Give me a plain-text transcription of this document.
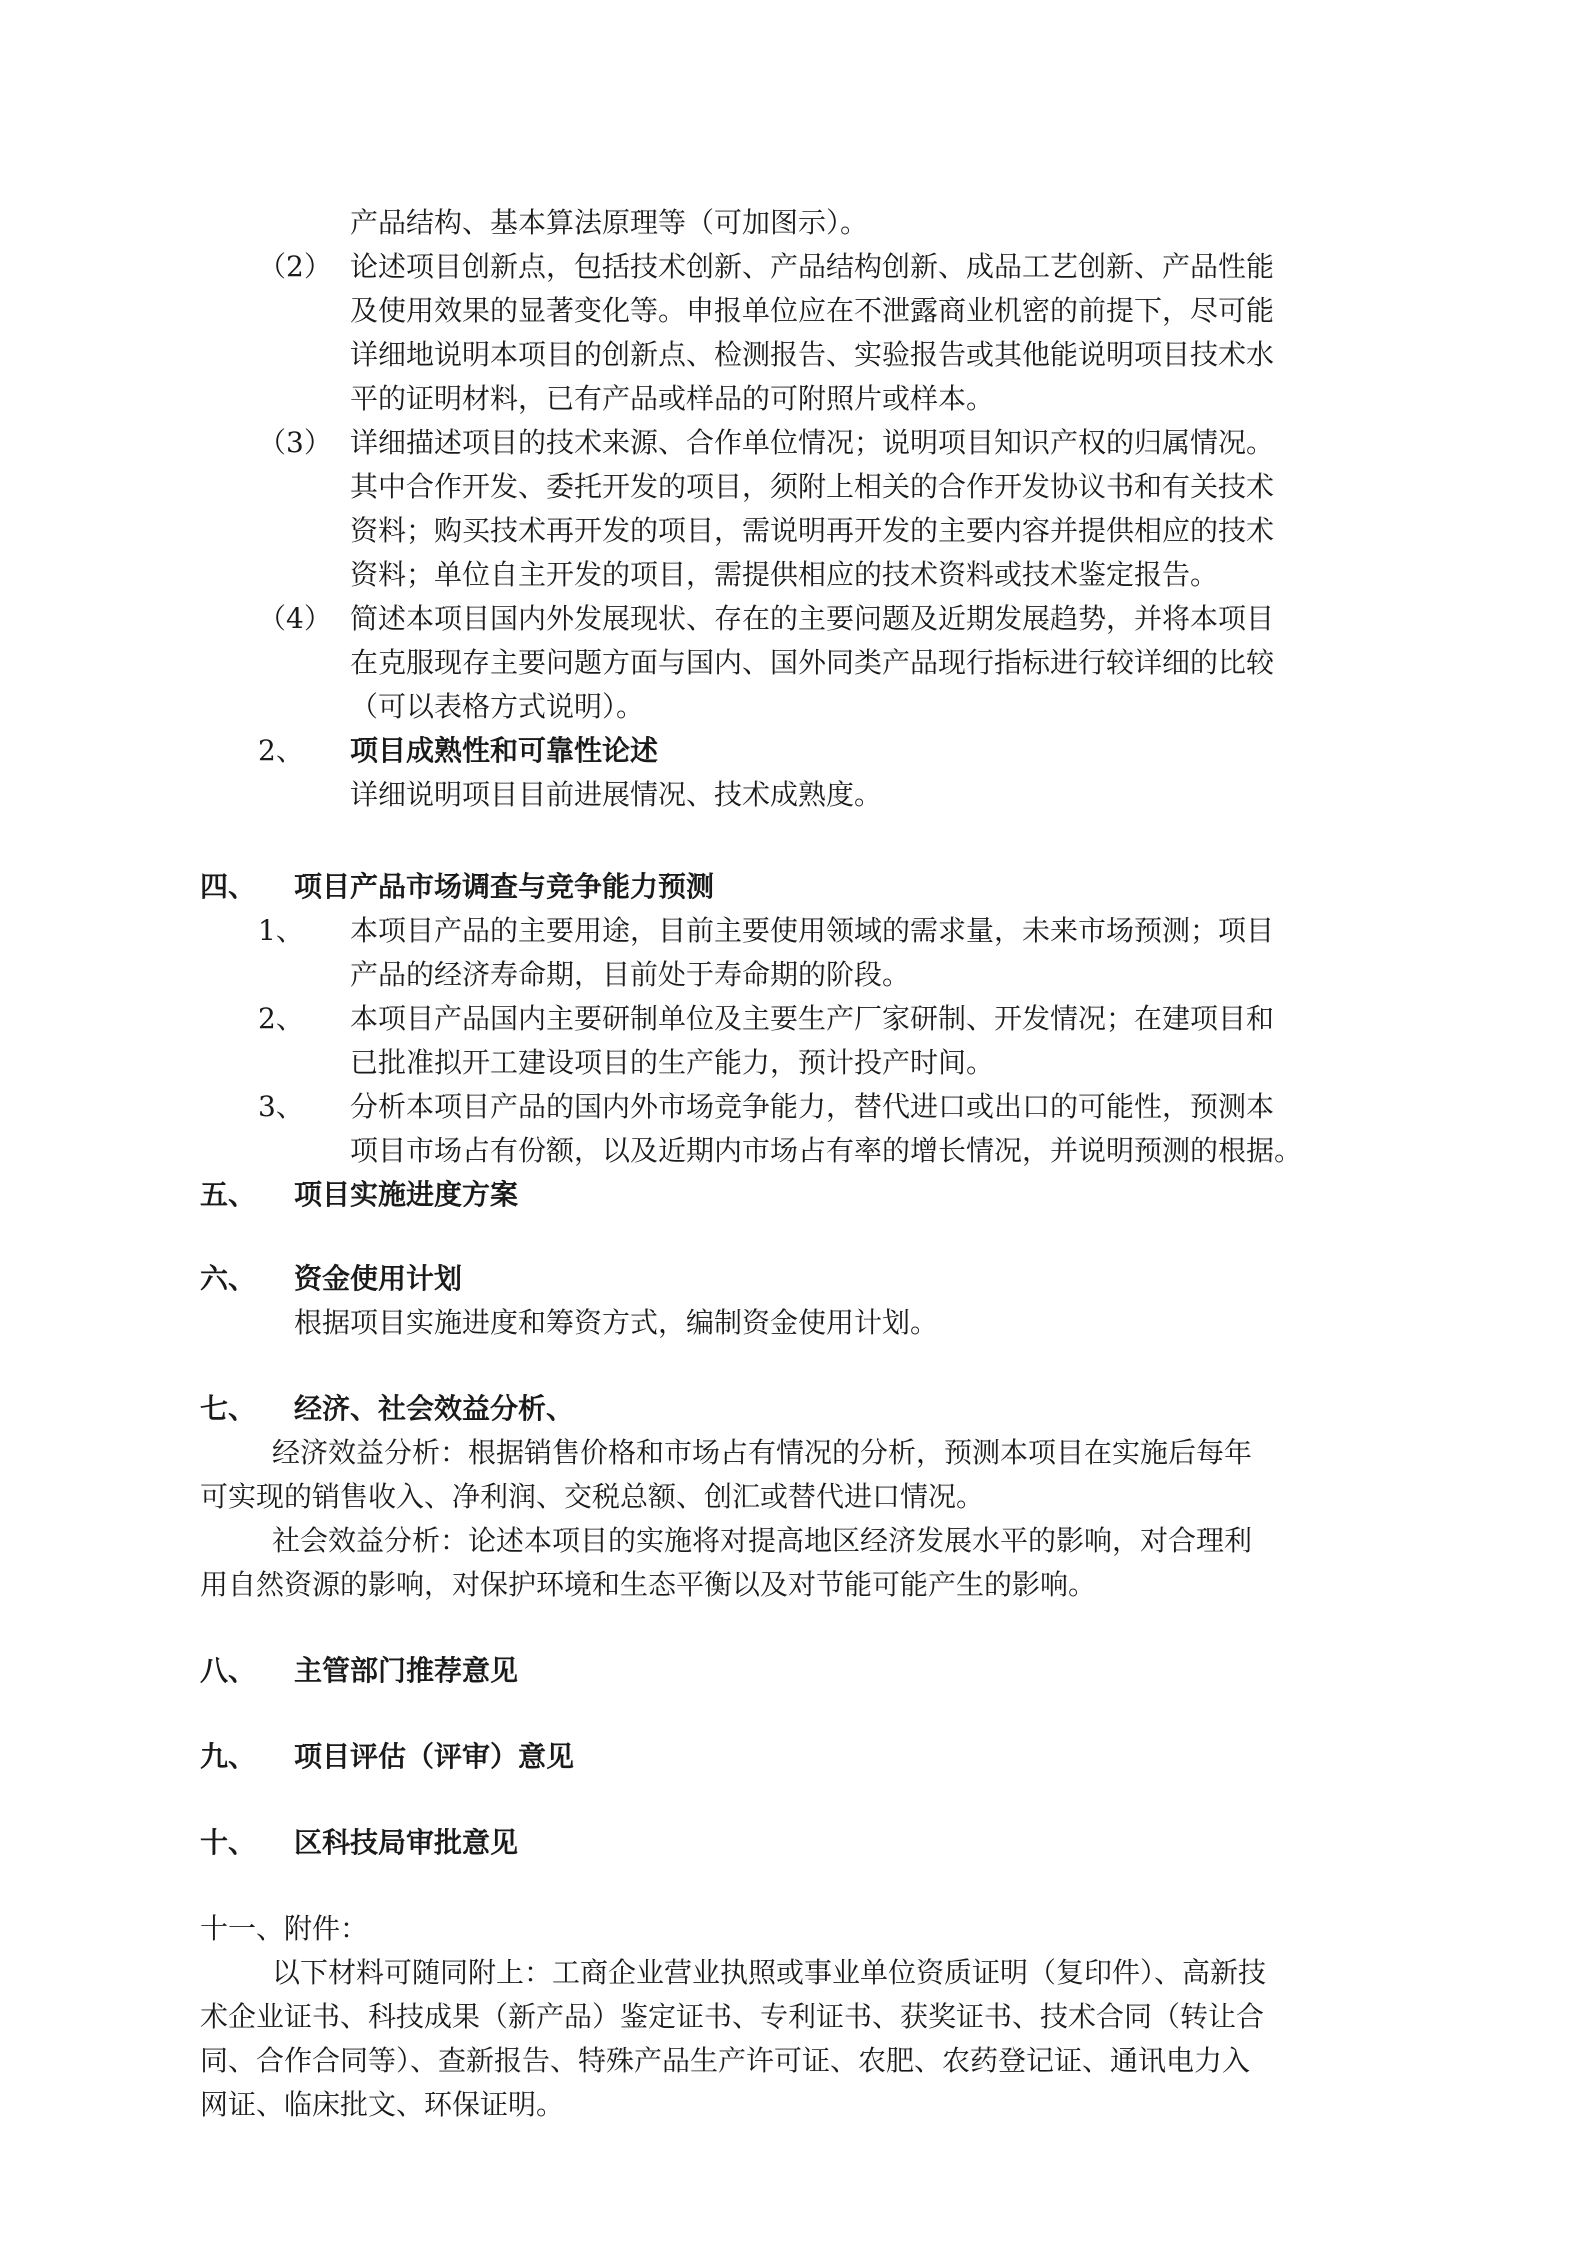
产品结构、基本算法原理等（可加图示）。
（2） 论述项目创新点，包括技术创新、产品结构创新、成品工艺创新、产品性能
及使用效果的显著变化等。申报单位应在不泄露商业机密的前提下，尽可能
详细地说明本项目的创新点、检测报告、实验报告或其他能说明项目技术水
平的证明材料，已有产品或样品的可附照片或样本。
（3） 详细描述项目的技术来源、合作单位情况；说明项目知识产权的归属情况。
其中合作开发、委托开发的项目，须附上相关的合作开发协议书和有关技术
资料；购买技术再开发的项目，需说明再开发的主要内容并提供相应的技术
资料；单位自主开发的项目，需提供相应的技术资料或技术鉴定报告。
（4） 简述本项目国内外发展现状、存在的主要问题及近期发展趋势，并将本项目
在克服现存主要问题方面与国内、国外同类产品现行指标进行较详细的比较
（可以表格方式说明）。
2、 项目成熟性和可靠性论述
详细说明项目目前进展情况、技术成熟度。
四、 项目产品市场调查与竞争能力预测
1、 本项目产品的主要用途，目前主要使用领域的需求量，未来市场预测；项目
产品的经济寿命期，目前处于寿命期的阶段。
2、 本项目产品国内主要研制单位及主要生产厂家研制、开发情况；在建项目和
已批准拟开工建设项目的生产能力，预计投产时间。
3、 分析本项目产品的国内外市场竞争能力，替代进口或出口的可能性，预测本
项目市场占有份额，以及近期内市场占有率的增长情况，并说明预测的根据。
五、 项目实施进度方案
六、 资金使用计划
根据项目实施进度和筹资方式，编制资金使用计划。
七、 经济、社会效益分析、
经济效益分析：根据销售价格和市场占有情况的分析，预测本项目在实施后每年
可实现的销售收入、净利润、交税总额、创汇或替代进口情况。
社会效益分析：论述本项目的实施将对提高地区经济发展水平的影响，对合理利
用自然资源的影响，对保护环境和生态平衡以及对节能可能产生的影响。
八、 主管部门推荐意见
九、 项目评估（评审）意见
十、 区科技局审批意见
十一、附件：
以下材料可随同附上：工商企业营业执照或事业单位资质证明（复印件）、高新技
术企业证书、科技成果（新产品）鉴定证书、专利证书、获奖证书、技术合同（转让合
同、合作合同等）、查新报告、特殊产品生产许可证、农肥、农药登记证、通讯电力入
网证、临床批文、环保证明。
